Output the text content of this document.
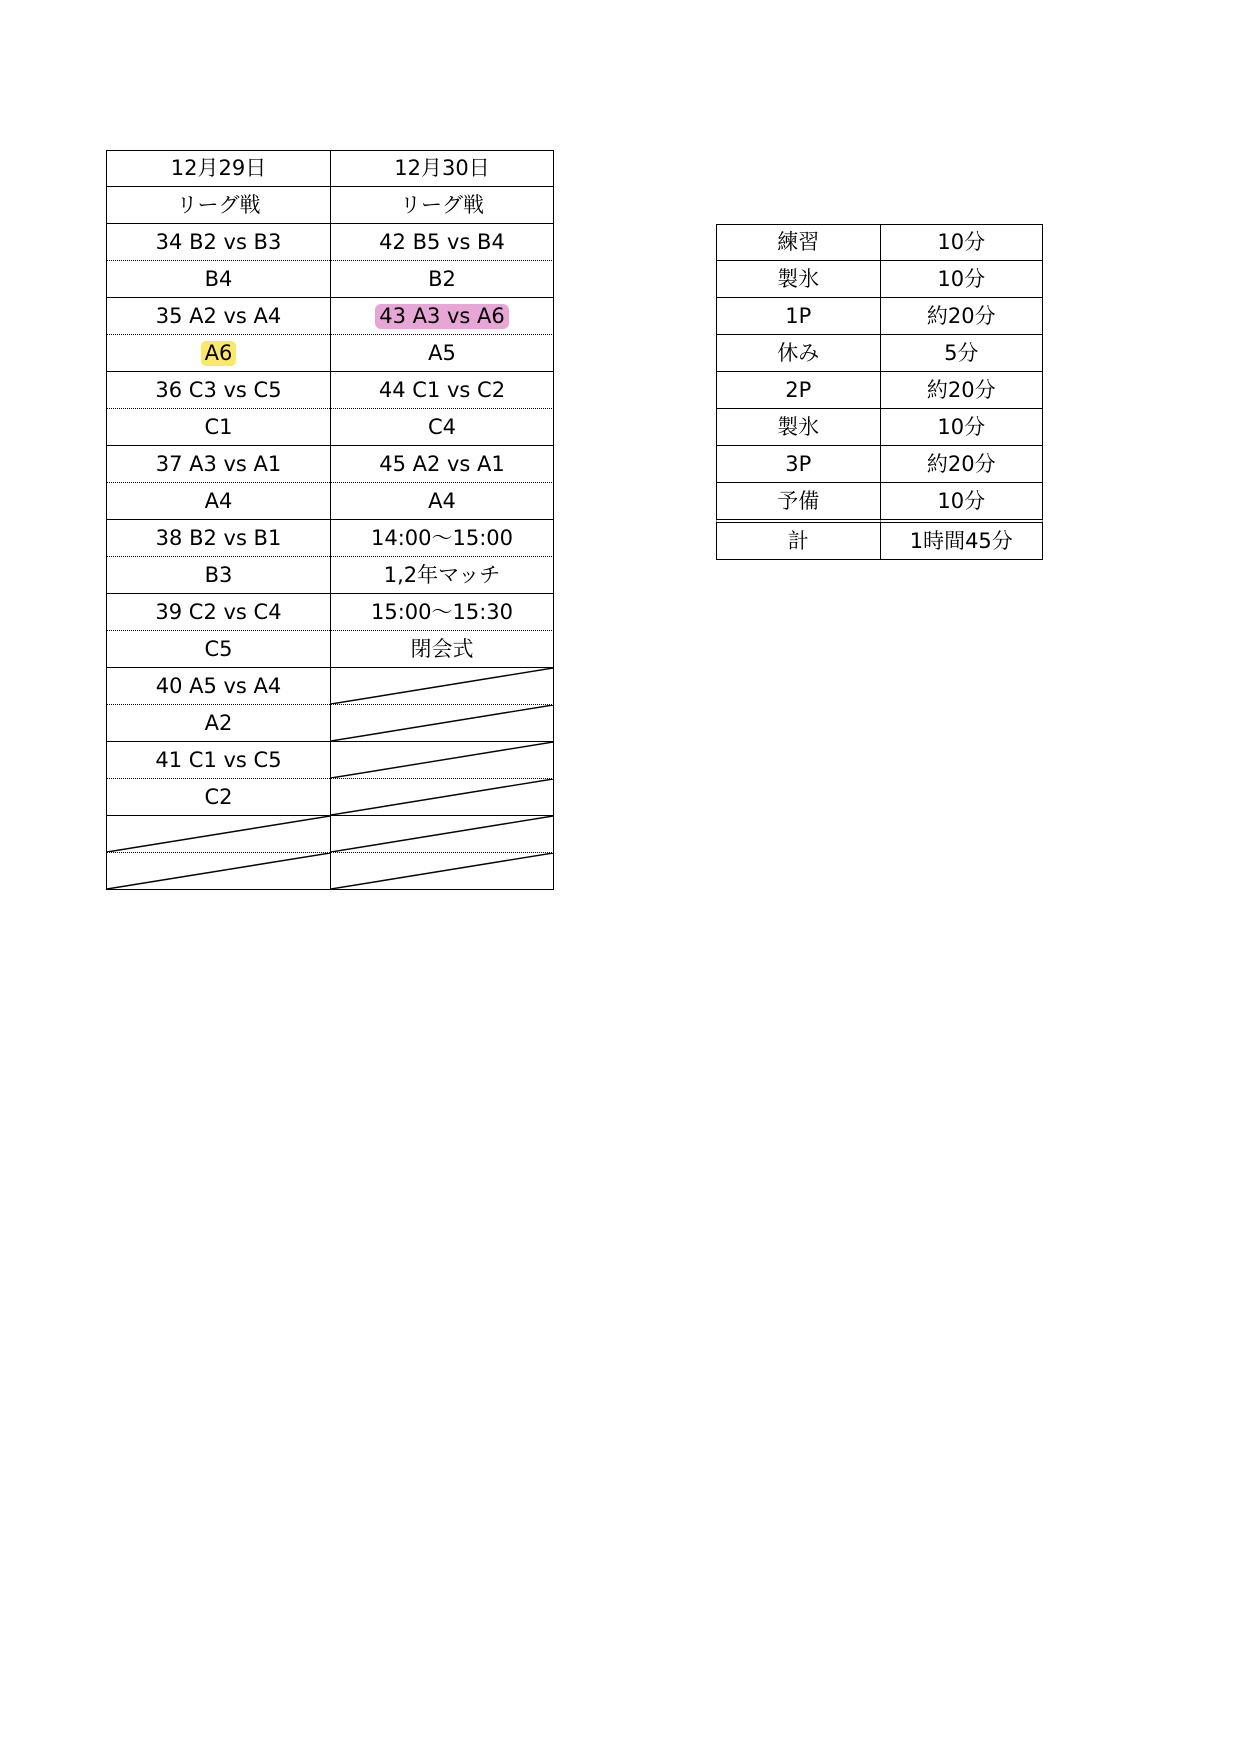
12月29日	12月30日
リーグ戦	リーグ戦
34 B2 vs B3	42 B5 vs B4
B4	B2
35 A2 vs A4	43 A3 vs A6
A6	A5
36 C3 vs C5	44 C1 vs C2
C1	C4
37 A3 vs A1	45 A2 vs A1
A4	A4
38 B2 vs B1	14:00〜15:00
B3	1,2年マッチ
39 C2 vs C4	15:00〜15:30
C5	閉会式
40 A5 vs A4
A2
41 C1 vs C5
C2
練習	10分
製氷	10分
1P	約20分
休み	5分
2P	約20分
製氷	10分
3P	約20分
予備	10分
計	1時間45分
